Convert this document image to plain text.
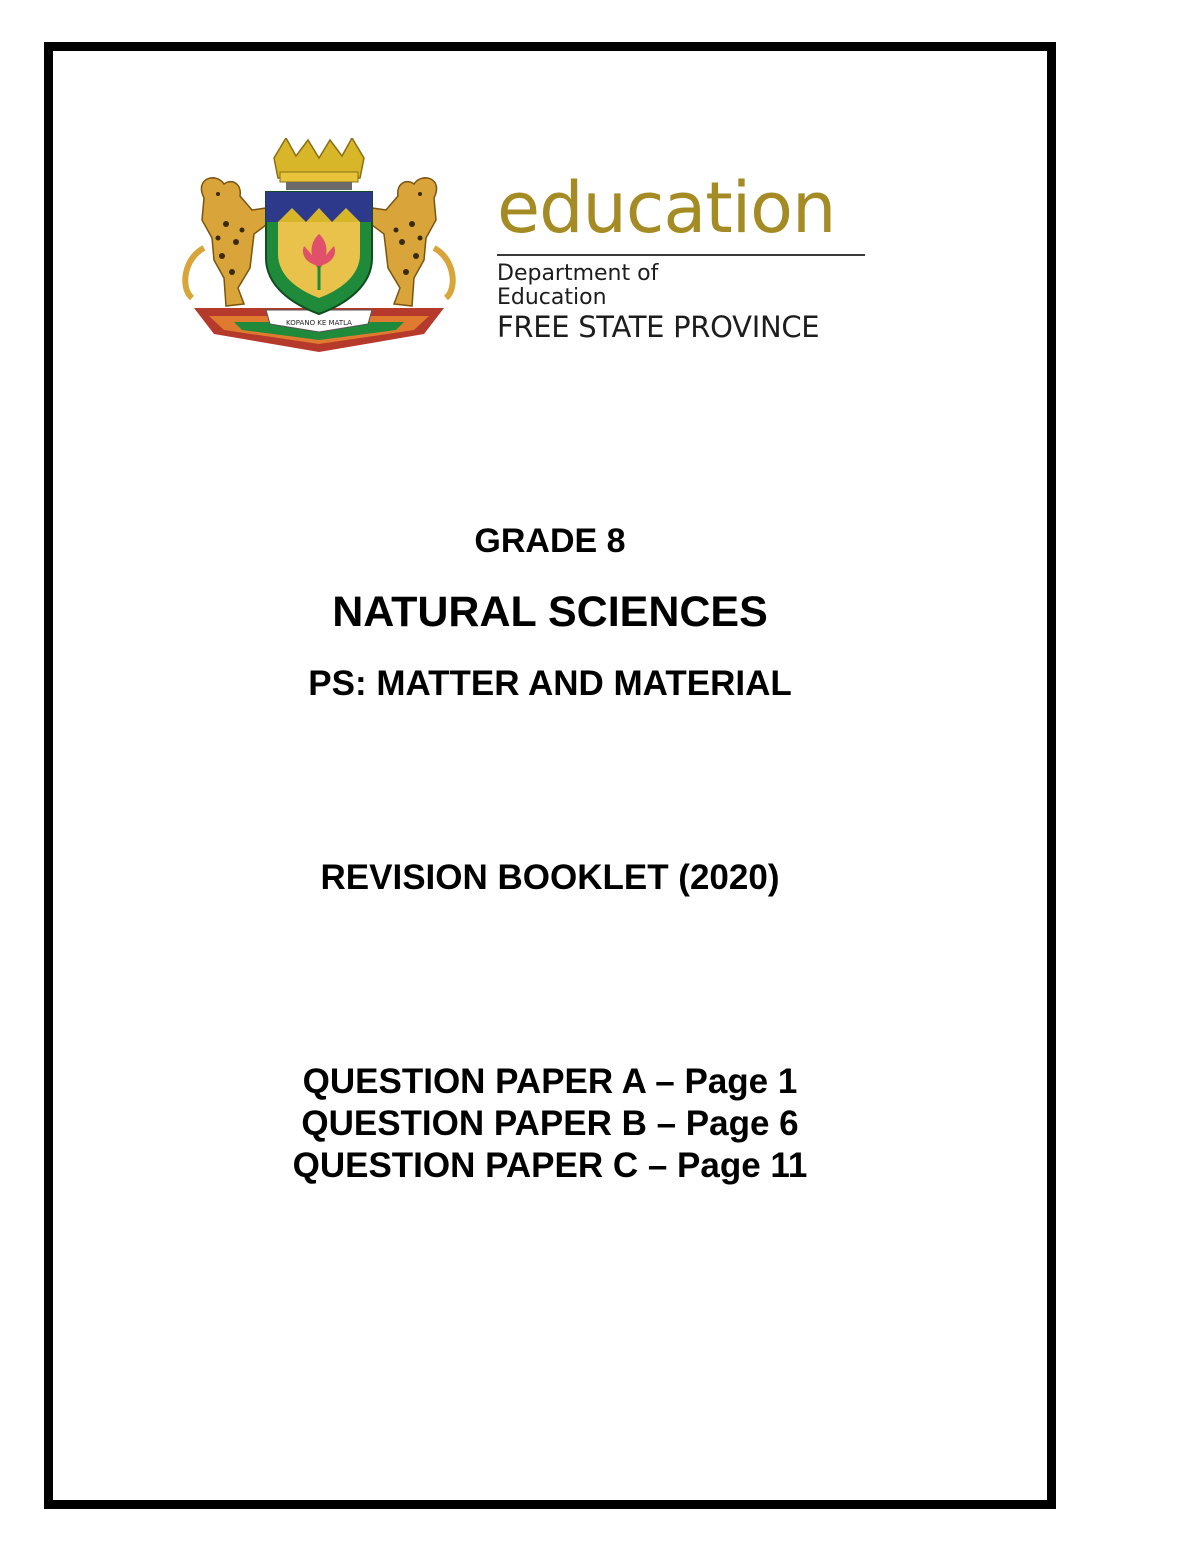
KOPANO KE MATLA
education
Department of
Education
FREE STATE PROVINCE
GRADE 8
NATURAL SCIENCES
PS: MATTER AND MATERIAL
REVISION BOOKLET (2020)
QUESTION PAPER A – Page 1
QUESTION PAPER B – Page 6
QUESTION PAPER C – Page 11
